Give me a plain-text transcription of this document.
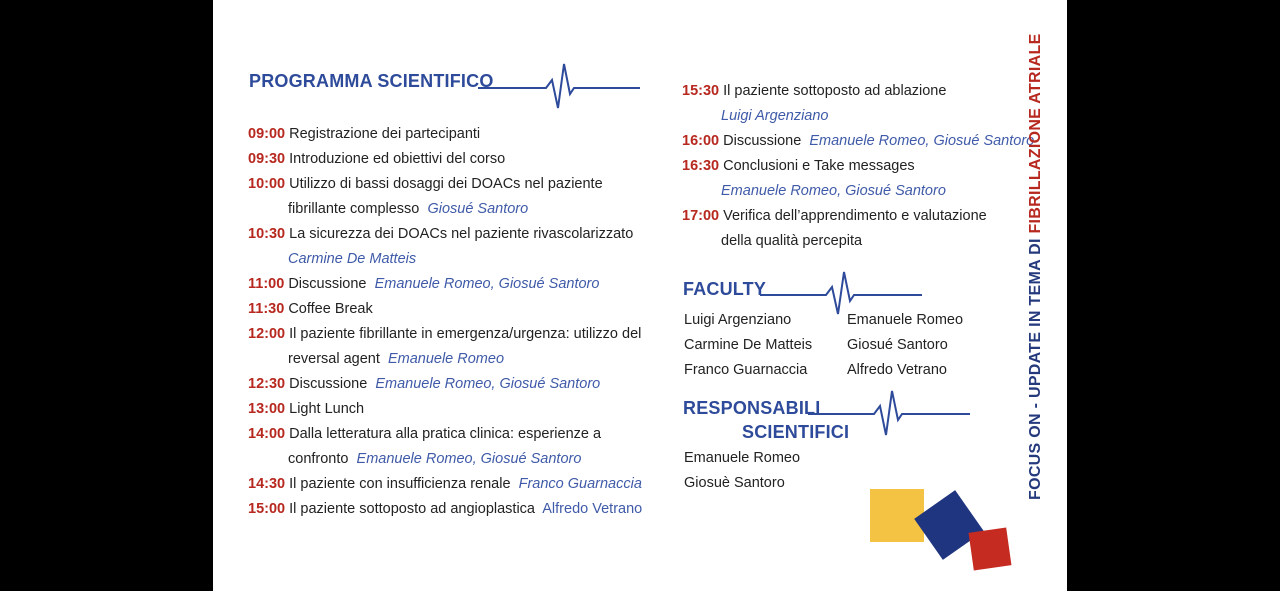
PROGRAMMA SCIENTIFICO
09:00 Registrazione dei partecipanti
09:30 Introduzione ed obiettivi del corso
10:00 Utilizzo di bassi dosaggi dei DOACs nel paziente
fibrillante complesso Giosué Santoro
10:30 La sicurezza dei DOACs nel paziente rivascolarizzato
Carmine De Matteis
11:00 Discussione Emanuele Romeo, Giosué Santoro
11:30 Coffee Break
12:00 Il paziente fibrillante in emergenza/urgenza: utilizzo del
reversal agent Emanuele Romeo
12:30 Discussione Emanuele Romeo, Giosué Santoro
13:00 Light Lunch
14:00 Dalla letteratura alla pratica clinica: esperienze a
confronto Emanuele Romeo, Giosué Santoro
14:30 Il paziente con insufficienza renale Franco Guarnaccia
15:00 Il paziente sottoposto ad angioplastica Alfredo Vetrano
15:30 Il paziente sottoposto ad ablazione
Luigi Argenziano
16:00 Discussione Emanuele Romeo, Giosué Santoro
16:30 Conclusioni e Take messages
Emanuele Romeo, Giosué Santoro
17:00 Verifica dell’apprendimento e valutazione
della qualità percepita
FACULTY
Luigi Argenziano
Carmine De Matteis
Franco Guarnaccia
Emanuele Romeo
Giosué Santoro
Alfredo Vetrano
RESPONSABILI
SCIENTIFICI
Emanuele Romeo
Giosuè Santoro	FOCUS ON - UPDATE IN TEMA DI FIBRILLAZIONE ATRIALE
